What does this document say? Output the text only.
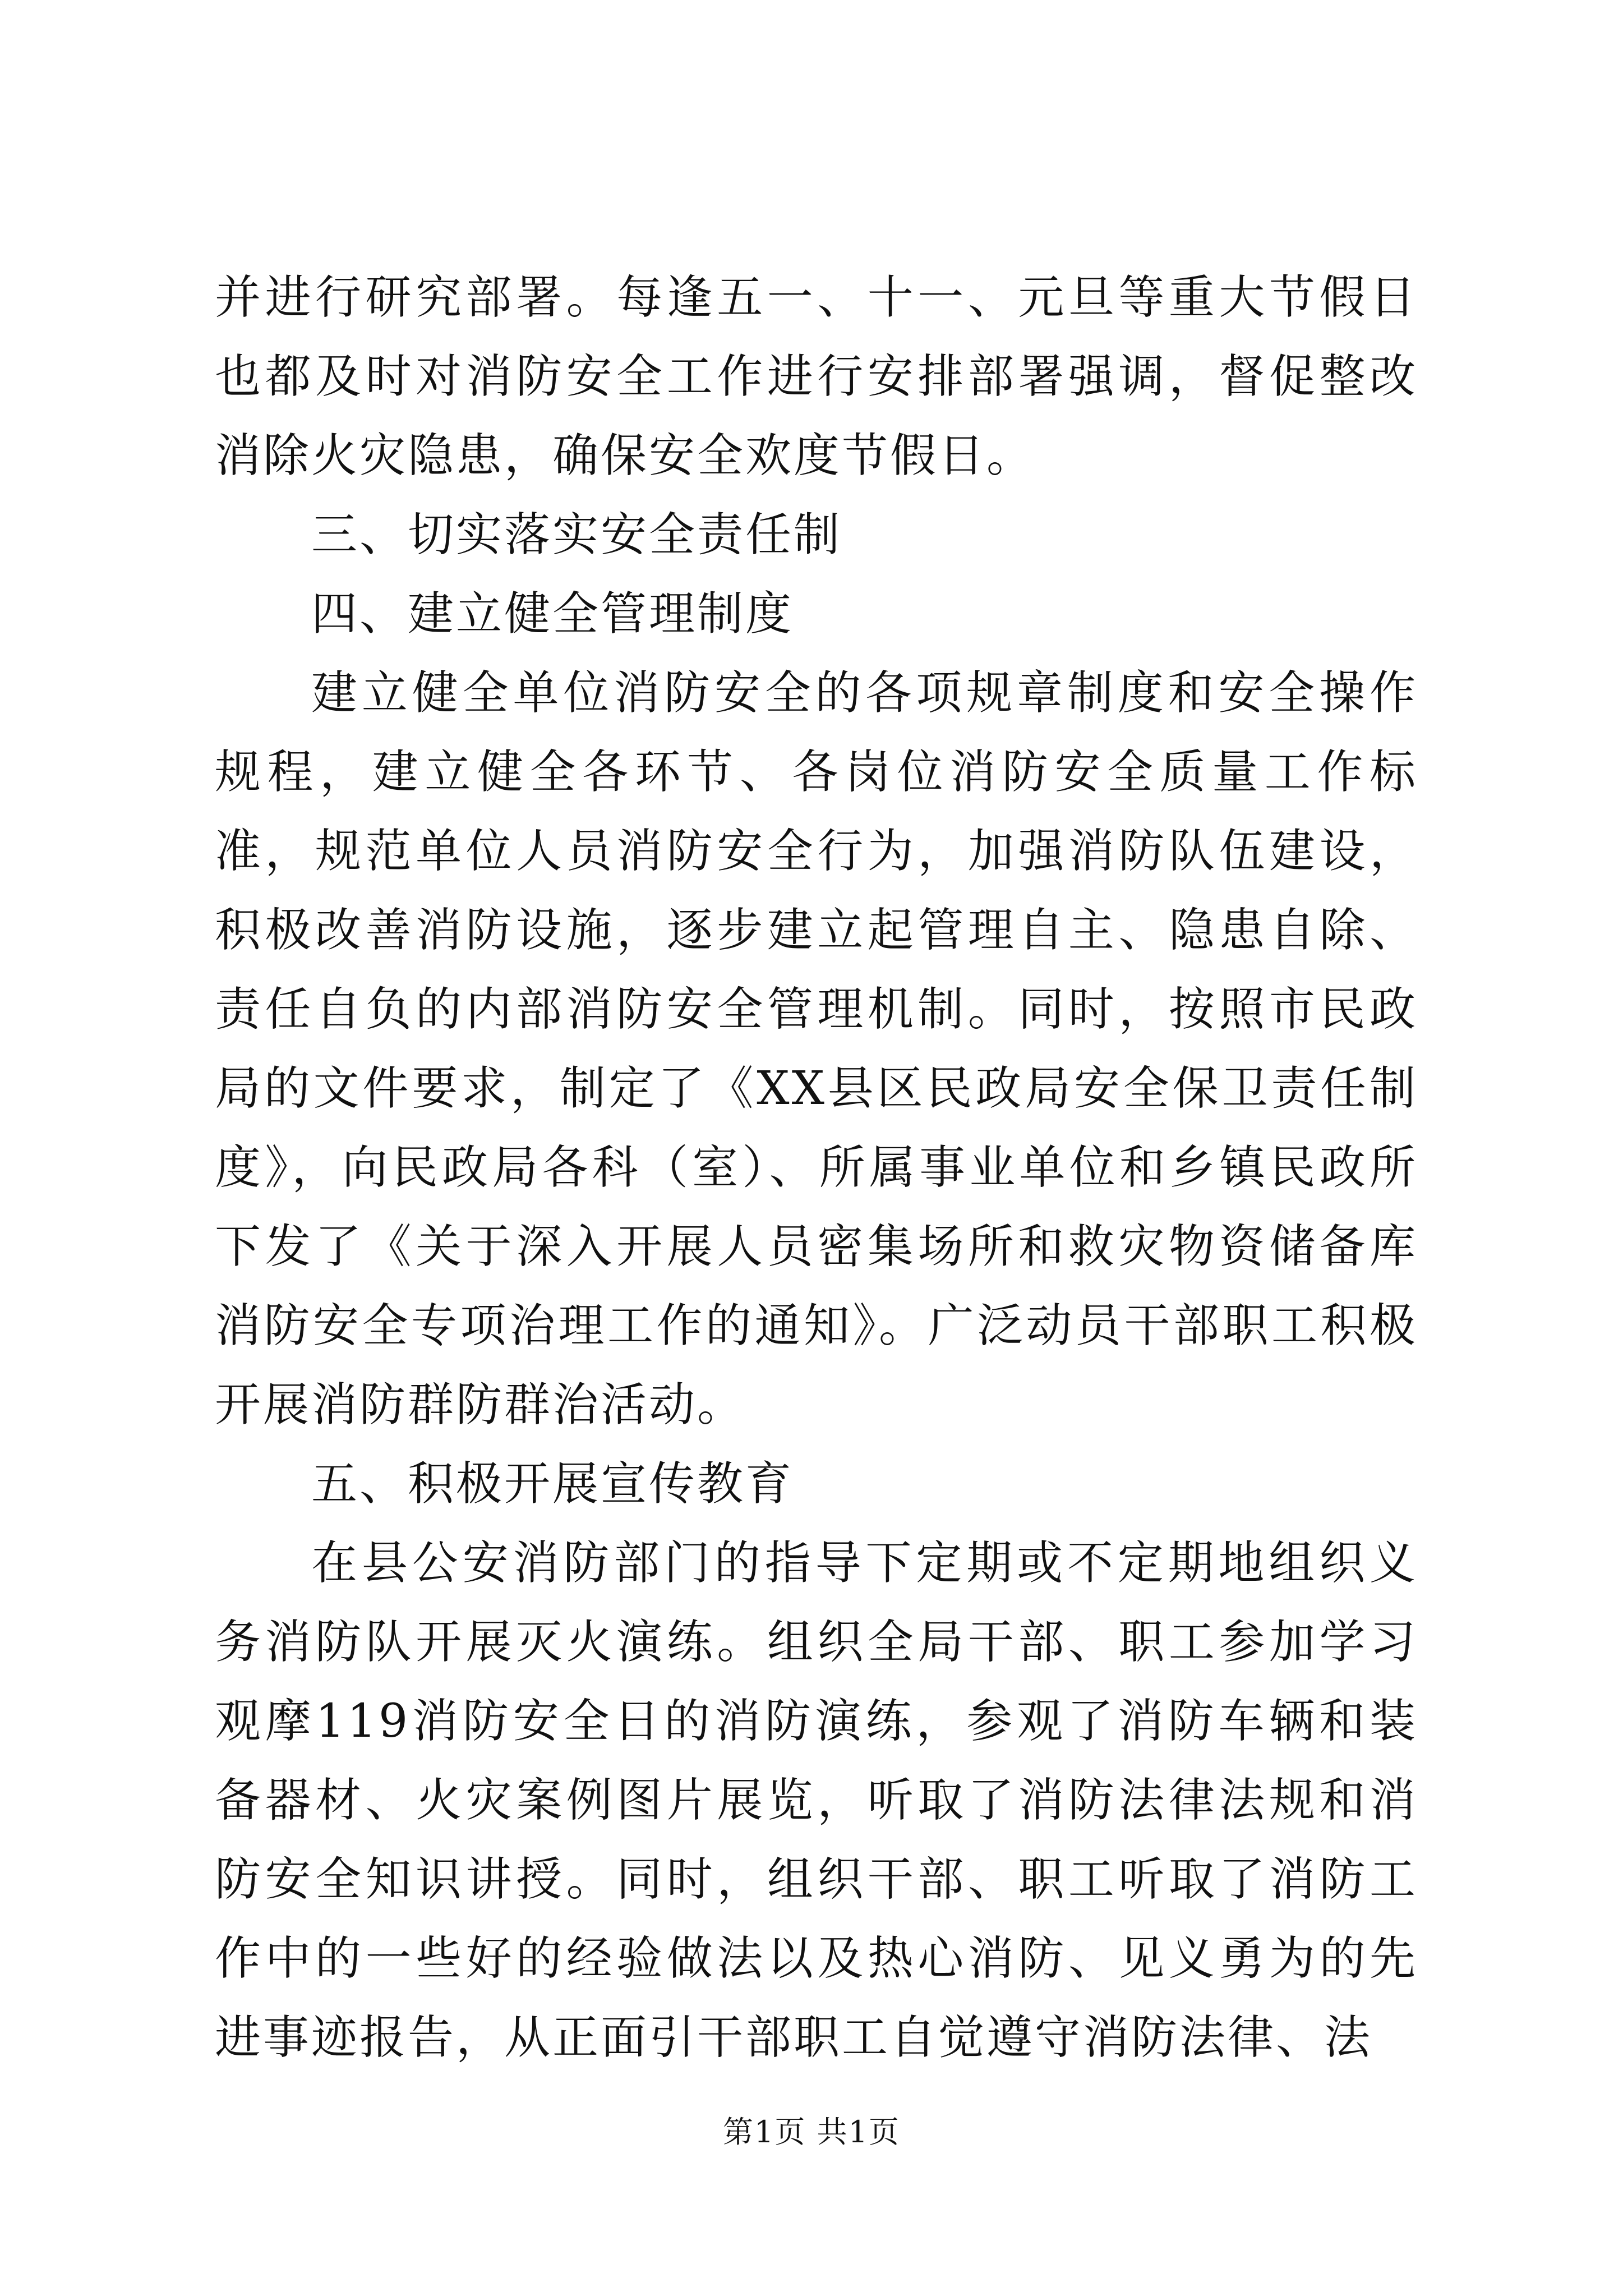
并进行研究部署。每逢五一、十一、元旦等重大节假日也都及时对消防安全工作进行安排部署强调，督促整改消除火灾隐患，确保安全欢度节假日。

三、切实落实安全责任制

四、建立健全管理制度

建立健全单位消防安全的各项规章制度和安全操作规程，建立健全各环节、各岗位消防安全质量工作标准，规范单位人员消防安全行为，加强消防队伍建设，积极改善消防设施，逐步建立起管理自主、隐患自除、责任自负的内部消防安全管理机制。同时，按照市民政局的文件要求，制定了《XX县区民政局安全保卫责任制度》，向民政局各科（室）、所属事业单位和乡镇民政所下发了《关于深入开展人员密集场所和救灾物资储备库消防安全专项治理工作的通知》。广泛动员干部职工积极开展消防群防群治活动。

五、积极开展宣传教育

在县公安消防部门的指导下定期或不定期地组织义务消防队开展灭火演练。组织全局干部、职工参加学习观摩119消防安全日的消防演练，参观了消防车辆和装备器材、火灾案例图片展览，听取了消防法律法规和消防安全知识讲授。同时，组织干部、职工听取了消防工作中的一些好的经验做法以及热心消防、见义勇为的先进事迹报告，从正面引干部职工自觉遵守消防法律、法

第1页 共1页
